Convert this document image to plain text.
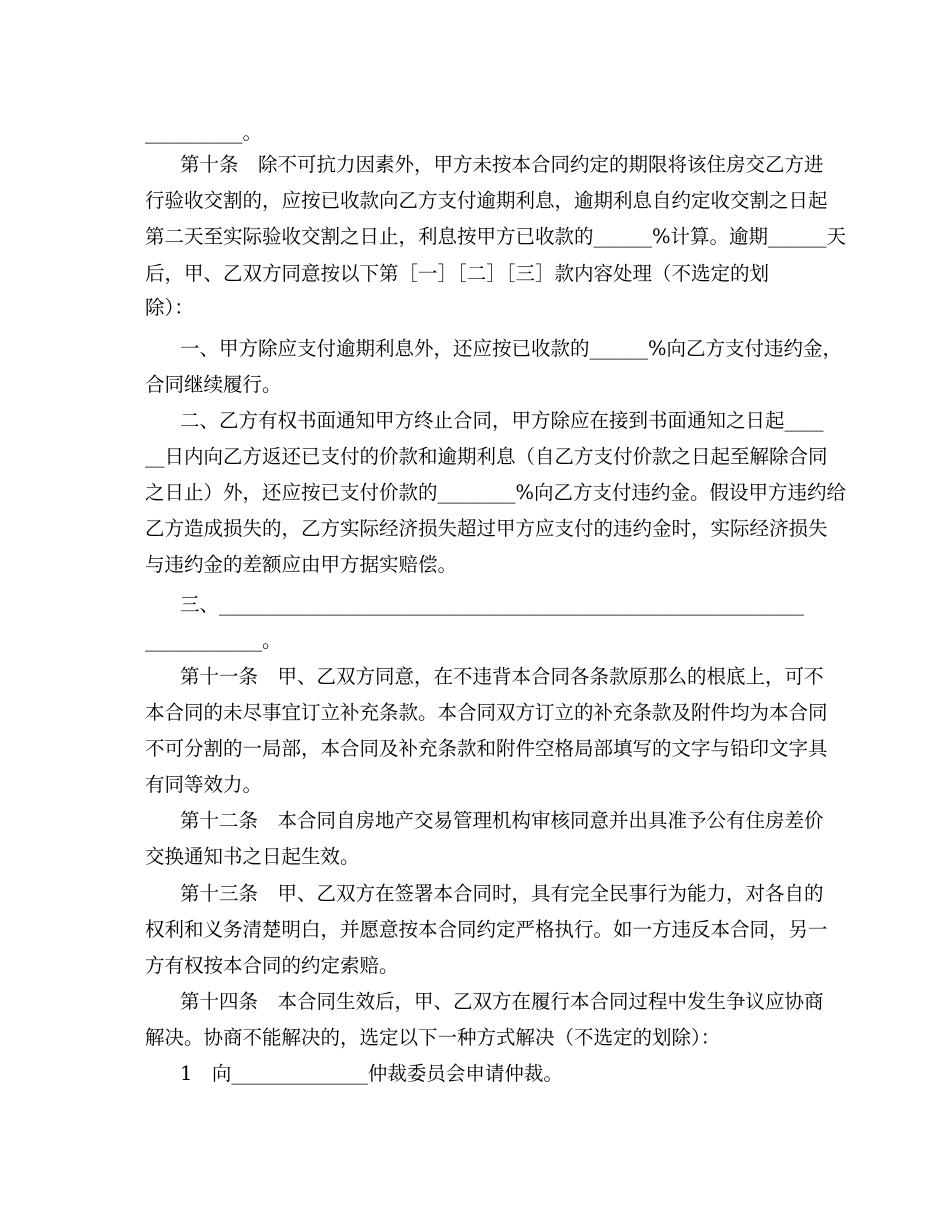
__________。
第十条　除不可抗力因素外，甲方未按本合同约定的期限将该住房交乙方进
行验收交割的，应按已收款向乙方支付逾期利息，逾期利息自约定收交割之日起
第二天至实际验收交割之日止，利息按甲方已收款的______%计算。逾期______天
后，甲、乙双方同意按以下第［一］［二］［三］款内容处理（不选定的划
除）：
一、甲方除应支付逾期利息外，还应按已收款的______%向乙方支付违约金，
合同继续履行。
二、乙方有权书面通知甲方终止合同，甲方除应在接到书面通知之日起____
__日内向乙方返还已支付的价款和逾期利息（自乙方支付价款之日起至解除合同
之日止）外，还应按已支付价款的________%向乙方支付违约金。假设甲方违约给
乙方造成损失的，乙方实际经济损失超过甲方应支付的违约金时，实际经济损失
与违约金的差额应由甲方据实赔偿。
三、____________________________________________________________
____________。
第十一条　甲、乙双方同意，在不违背本合同各条款原那么的根底上，可不
本合同的未尽事宜订立补充条款。本合同双方订立的补充条款及附件均为本合同
不可分割的一局部，本合同及补充条款和附件空格局部填写的文字与铅印文字具
有同等效力。
第十二条　本合同自房地产交易管理机构审核同意并出具准予公有住房差价
交换通知书之日起生效。
第十三条　甲、乙双方在签署本合同时，具有完全民事行为能力，对各自的
权利和义务清楚明白，并愿意按本合同约定严格执行。如一方违反本合同，另一
方有权按本合同的约定索赔。
第十四条　本合同生效后，甲、乙双方在履行本合同过程中发生争议应协商
解决。协商不能解决的，选定以下一种方式解决（不选定的划除）：
1　向______________仲裁委员会申请仲裁。
